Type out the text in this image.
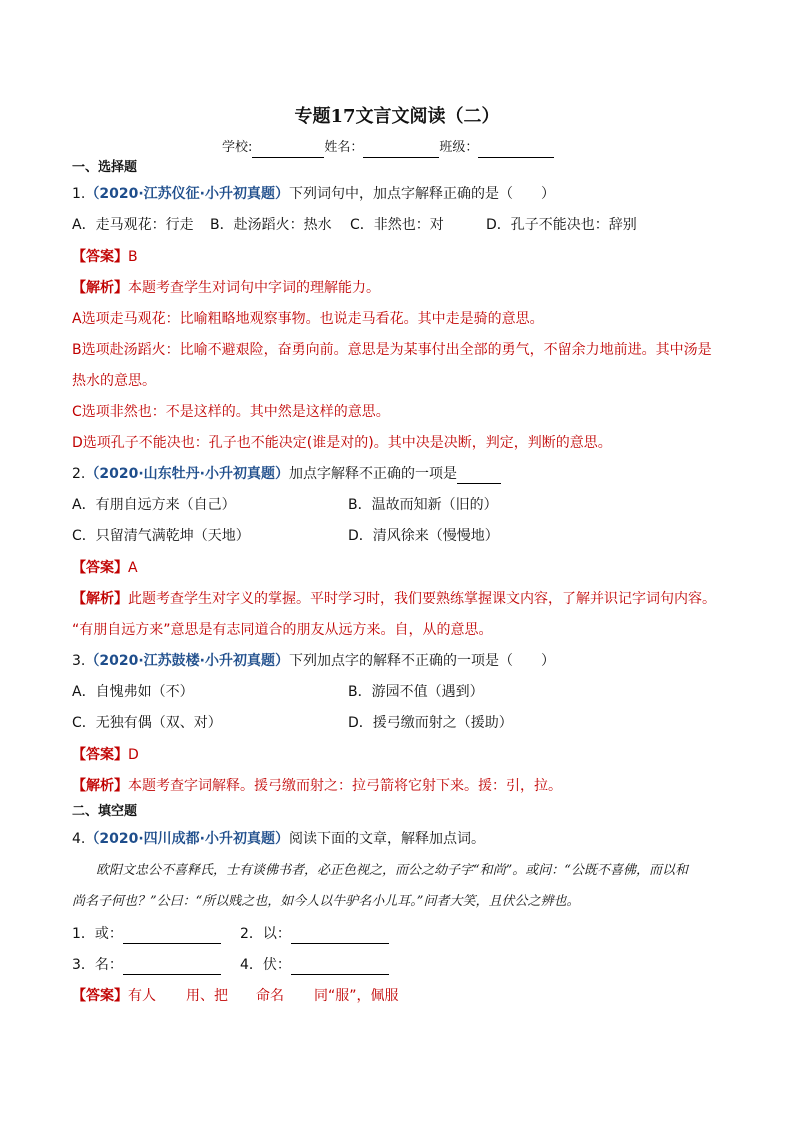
专题17文言文阅读（二）
学校:	姓名：	班级：
一、选择题
1.（2020·江苏仪征·小升初真题）下列词句中，加点字解释正确的是（　　）
A．走马观花：行走 B．赴汤蹈火：热水 C．非然也：对	D．孔子不能决也：辞别
【答案】B
【解析】本题考查学生对词句中字词的理解能力。
A选项走马观花：比喻粗略地观察事物。也说走马看花。其中走是骑的意思。
B选项赴汤蹈火：比喻不避艰险，奋勇向前。意思是为某事付出全部的勇气，不留余力地前进。其中汤是
热水的意思。
C选项非然也：不是这样的。其中然是这样的意思。
D选项孔子不能决也：孔子也不能决定(谁是对的)。其中决是决断，判定，判断的意思。
2.（2020·山东牡丹·小升初真题）加点字解释不正确的一项是
A．有朋自远方来（自己）	B．温故而知新（旧的）
C．只留清气满乾坤（天地）	D．清风徐来（慢慢地）
【答案】A
【解析】此题考查学生对字义的掌握。平时学习时，我们要熟练掌握课文内容，了解并识记字词句内容。
“有朋自远方来”意思是有志同道合的朋友从远方来。自，从的意思。
3.（2020·江苏鼓楼·小升初真题）下列加点字的解释不正确的一项是（　　）
A．自愧弗如（不）	B．游园不值（遇到）
C．无独有偶（双、对）	D．援弓缴而射之（援助）
【答案】D
【解析】本题考查字词解释。援弓缴而射之：拉弓箭将它射下来。援：引，拉。
二、填空题
4.（2020·四川成都·小升初真题）阅读下面的文章，解释加点词。
欧阳文忠公不喜释氏，士有谈佛书者，必正色视之，而公之幼子字“和尚”。或问：“公既不喜佛，而以和
尚名子何也？”公曰：“所以贱之也，如今人以牛驴名小儿耳。”问者大笑，且伏公之辨也。
1．或：	2．以：
3．名：	4．伏：
【答案】有人 用、把 命名 同“服”，佩服
